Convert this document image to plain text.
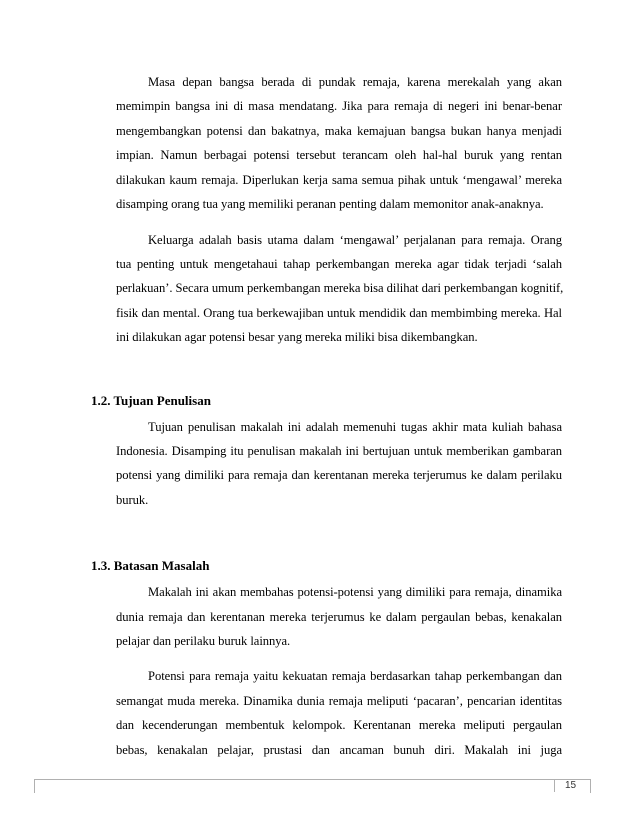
Masa depan bangsa berada di pundak remaja, karena merekalah yang akan
memimpin bangsa ini di masa mendatang. Jika para remaja di negeri ini benar-benar
mengembangkan potensi dan bakatnya, maka kemajuan bangsa bukan hanya menjadi
impian. Namun berbagai potensi tersebut terancam oleh hal-hal buruk yang rentan
dilakukan kaum remaja. Diperlukan kerja sama semua pihak untuk ‘mengawal’ mereka
disamping orang tua yang memiliki peranan penting dalam memonitor anak-anaknya.
Keluarga adalah basis utama dalam ‘mengawal’ perjalanan para remaja. Orang
tua penting untuk mengetahaui tahap perkembangan mereka agar tidak terjadi ‘salah
perlakuan’. Secara umum perkembangan mereka bisa dilihat dari perkembangan kognitif,
fisik dan mental. Orang tua berkewajiban untuk mendidik dan membimbing mereka. Hal
ini dilakukan agar potensi besar yang mereka miliki bisa dikembangkan.
1.2. Tujuan Penulisan
Tujuan penulisan makalah ini adalah memenuhi tugas akhir mata kuliah bahasa
Indonesia. Disamping itu penulisan makalah ini bertujuan untuk memberikan gambaran
potensi yang dimiliki para remaja dan kerentanan mereka terjerumus ke dalam perilaku
buruk.
1.3. Batasan Masalah
Makalah ini akan membahas potensi-potensi yang dimiliki para remaja, dinamika
dunia remaja dan kerentanan mereka terjerumus ke dalam pergaulan bebas, kenakalan
pelajar dan perilaku buruk lainnya.
Potensi para remaja yaitu kekuatan remaja berdasarkan tahap perkembangan dan
semangat muda mereka. Dinamika dunia remaja meliputi ‘pacaran’, pencarian identitas
dan kecenderungan membentuk kelompok. Kerentanan mereka meliputi pergaulan
bebas, kenakalan pelajar, prustasi dan ancaman bunuh diri. Makalah ini juga
15
